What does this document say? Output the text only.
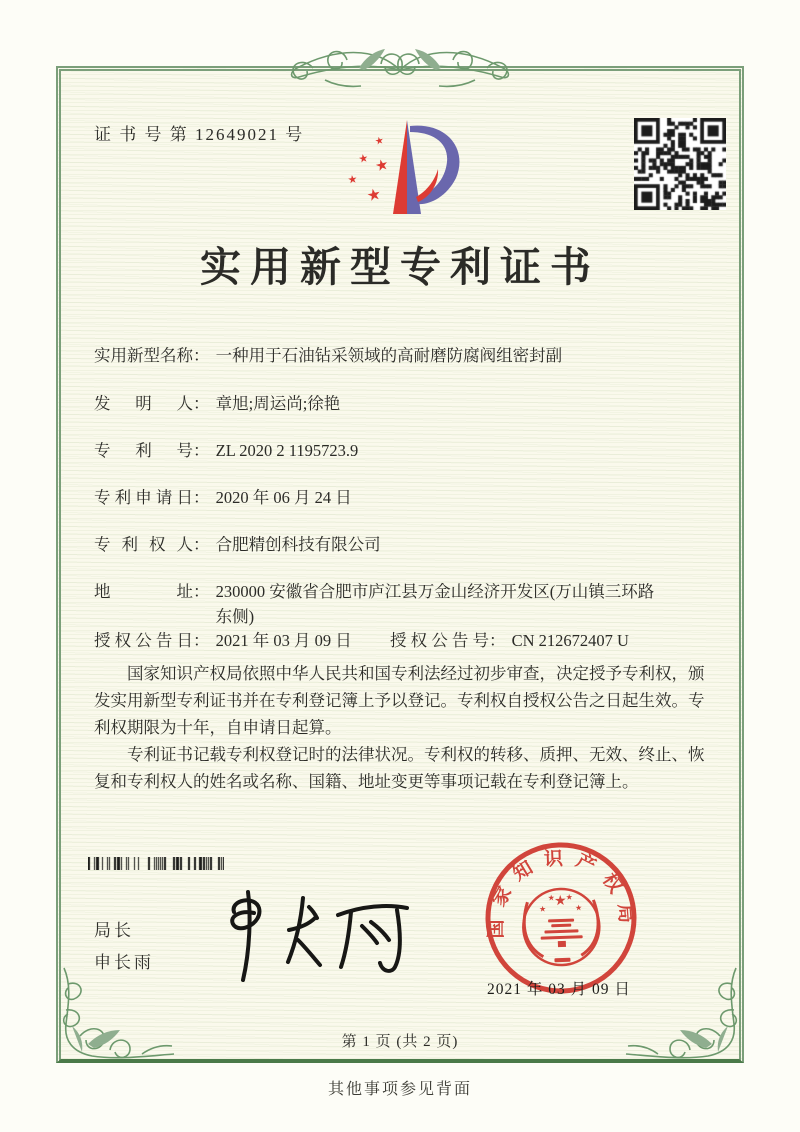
证 书 号 第 12649021 号	★
★ ★
★
★
实用新型专利证书
实用新型名称： 一种用于石油钻采领域的高耐磨防腐阀组密封副
发明人： 章旭;周运尚;徐艳
专利号： ZL 2020 2 1195723.9
专利申请日： 2020 年 06 月 24 日
专利权人： 合肥精创科技有限公司
地址： 230000 安徽省合肥市庐江县万金山经济开发区(万山镇三环路东侧)
授权公告日： 2021 年 03 月 09 日 授权公告号： CN 212672407 U

国家知识产权局依照中华人民共和国专利法经过初步审查，决定授予专利权，颁发实用新型专利证书并在专利登记簿上予以登记。专利权自授权公告之日起生效。专利权期限为十年，自申请日起算。

专利证书记载专利权登记时的法律状况。专利权的转移、质押、无效、终止、恢复和专利权人的姓名或名称、国籍、地址变更等事项记载在专利登记簿上。

局长
申长雨
国家知识产权局
★
★
★ ★
★
2021 年 03 月 09 日
第 1 页 (共 2 页)
其他事项参见背面
